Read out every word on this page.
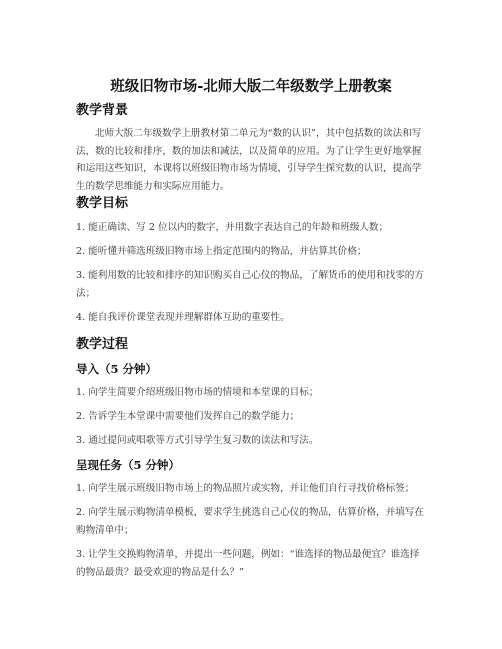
班级旧物市场-北师大版二年级数学上册教案
教学背景
北师大版二年级数学上册教材第二单元为“数的认识”，其中包括数的读法和写法，数的比较和排序，数的加法和减法，以及简单的应用。为了让学生更好地掌握和运用这些知识，本课将以班级旧物市场为情境，引导学生探究数的认识，提高学生的数学思维能力和实际应用能力。
教学目标
1. 能正确读、写 2 位以内的数字，并用数字表达自己的年龄和班级人数；
2. 能听懂并筛选班级旧物市场上指定范围内的物品，并估算其价格；
3. 能利用数的比较和排序的知识购买自己心仪的物品，了解货币的使用和找零的方法；
4. 能自我评价课堂表现并理解群体互助的重要性。
教学过程
导入（5 分钟）
1. 向学生简要介绍班级旧物市场的情境和本堂课的目标；
2. 告诉学生本堂课中需要他们发挥自己的数学能力；
3. 通过提问或唱歌等方式引导学生复习数的读法和写法。
呈现任务（5 分钟）
1. 向学生展示班级旧物市场上的物品照片或实物，并让他们自行寻找价格标签；
2. 向学生展示购物清单模板，要求学生挑选自己心仪的物品，估算价格，并填写在购物清单中；
3. 让学生交换购物清单，并提出一些问题，例如：“谁选择的物品最便宜？谁选择的物品最贵？最受欢迎的物品是什么？”
